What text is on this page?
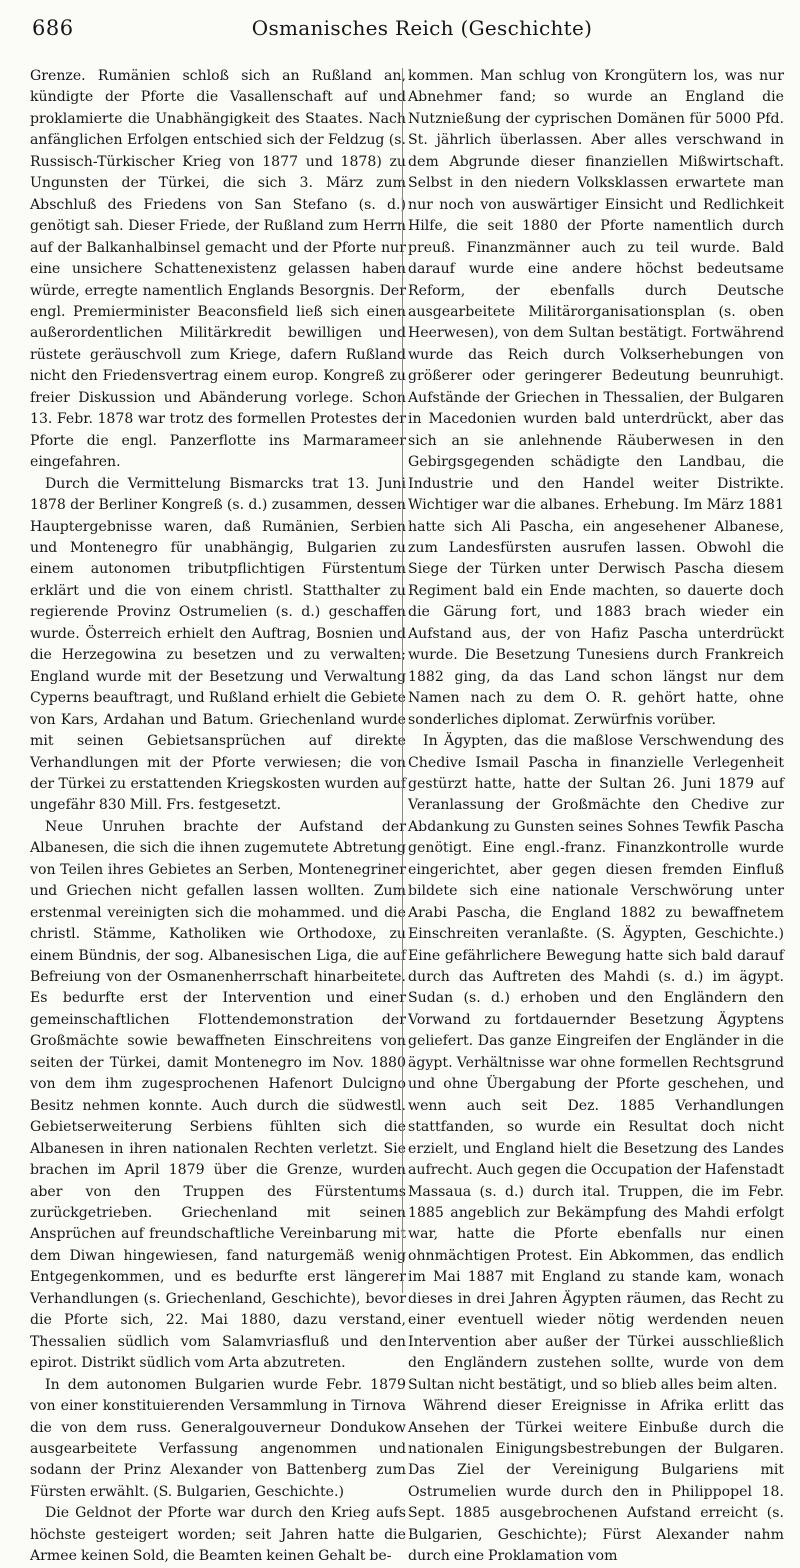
686	Osmanisches Reich (Geschichte)

Grenze. Rumänien schloß sich an Rußland an, kündigte der Pforte die Vasallenschaft auf und proklamierte die Unabhängigkeit des Staates. Nach anfänglichen Erfolgen entschied sich der Feldzug (s. Russisch-Türkischer Krieg von 1877 und 1878) zu Ungunsten der Türkei, die sich 3. März zum Abschluß des Friedens von San Stefano (s. d.) genötigt sah. Dieser Friede, der Rußland zum Herrn auf der Balkanhalbinsel gemacht und der Pforte nur eine unsichere Schattenexistenz gelassen haben würde, erregte namentlich Englands Besorgnis. Der engl. Premierminister Beaconsfield ließ sich einen außerordentlichen Militärkredit bewilligen und rüstete geräuschvoll zum Kriege, dafern Rußland nicht den Friedensvertrag einem europ. Kongreß zu freier Diskussion und Abänderung vorlege. Schon 13. Febr. 1878 war trotz des formellen Protestes der Pforte die engl. Panzerflotte ins Marmarameer eingefahren.

Durch die Vermittelung Bismarcks trat 13. Juni 1878 der Berliner Kongreß (s. d.) zusammen, dessen Hauptergebnisse waren, daß Rumänien, Serbien und Montenegro für unabhängig, Bulgarien zu einem autonomen tributpflichtigen Fürstentum erklärt und die von einem christl. Statthalter zu regierende Provinz Ostrumelien (s. d.) geschaffen wurde. Österreich erhielt den Auftrag, Bosnien und die Herzegowina zu besetzen und zu verwalten; England wurde mit der Besetzung und Verwaltung Cyperns beauftragt, und Rußland erhielt die Gebiete von Kars, Ardahan und Batum. Griechenland wurde mit seinen Gebietsansprüchen auf direkte Verhandlungen mit der Pforte verwiesen; die von der Türkei zu erstattenden Kriegskosten wurden auf ungefähr 830 Mill. Frs. festgesetzt.

Neue Unruhen brachte der Aufstand der Albanesen, die sich die ihnen zugemutete Abtretung von Teilen ihres Gebietes an Serben, Montenegriner und Griechen nicht gefallen lassen wollten. Zum erstenmal vereinigten sich die mohammed. und die christl. Stämme, Katholiken wie Orthodoxe, zu einem Bündnis, der sog. Albanesischen Liga, die auf Befreiung von der Osmanenherrschaft hinarbeitete. Es bedurfte erst der Intervention und einer gemeinschaftlichen Flottendemonstration der Großmächte sowie bewaffneten Einschreitens von seiten der Türkei, damit Montenegro im Nov. 1880 von dem ihm zugesprochenen Hafenort Dulcigno Besitz nehmen konnte. Auch durch die südwestl. Gebietserweiterung Serbiens fühlten sich die Albanesen in ihren nationalen Rechten verletzt. Sie brachen im April 1879 über die Grenze, wurden aber von den Truppen des Fürstentums zurückgetrieben. Griechenland mit seinen Ansprüchen auf freundschaftliche Vereinbarung mit dem Diwan hingewiesen, fand naturgemäß wenig Entgegenkommen, und es bedurfte erst längerer Verhandlungen (s. Griechenland, Geschichte), bevor die Pforte sich, 22. Mai 1880, dazu verstand, Thessalien südlich vom Salamvriasfluß und den epirot. Distrikt südlich vom Arta abzutreten.

In dem autonomen Bulgarien wurde Febr. 1879 von einer konstituierenden Versammlung in Tirnova die von dem russ. Generalgouverneur Dondukow ausgearbeitete Verfassung angenommen und sodann der Prinz Alexander von Battenberg zum Fürsten erwählt. (S. Bulgarien, Geschichte.)

Die Geldnot der Pforte war durch den Krieg aufs höchste gesteigert worden; seit Jahren hatte die Armee keinen Sold, die Beamten keinen Gehalt be-

kommen. Man schlug von Krongütern los, was nur Abnehmer fand; so wurde an England die Nutznießung der cyprischen Domänen für 5000 Pfd. St. jährlich überlassen. Aber alles verschwand in dem Abgrunde dieser finanziellen Mißwirtschaft. Selbst in den niedern Volksklassen erwartete man nur noch von auswärtiger Einsicht und Redlichkeit Hilfe, die seit 1880 der Pforte namentlich durch preuß. Finanzmänner auch zu teil wurde. Bald darauf wurde eine andere höchst bedeutsame Reform, der ebenfalls durch Deutsche ausgearbeitete Militärorganisationsplan (s. oben Heerwesen), von dem Sultan bestätigt. Fortwährend wurde das Reich durch Volkserhebungen von größerer oder geringerer Bedeutung beunruhigt. Aufstände der Griechen in Thessalien, der Bulgaren in Macedonien wurden bald unterdrückt, aber das sich an sie anlehnende Räuberwesen in den Gebirgsgegenden schädigte den Landbau, die Industrie und den Handel weiter Distrikte. Wichtiger war die albanes. Erhebung. Im März 1881 hatte sich Ali Pascha, ein angesehener Albanese, zum Landesfürsten ausrufen lassen. Obwohl die Siege der Türken unter Derwisch Pascha diesem Regiment bald ein Ende machten, so dauerte doch die Gärung fort, und 1883 brach wieder ein Aufstand aus, der von Hafiz Pascha unterdrückt wurde. Die Besetzung Tunesiens durch Frankreich 1882 ging, da das Land schon längst nur dem Namen nach zu dem O. R. gehört hatte, ohne sonderliches diplomat. Zerwürfnis vorüber.

In Ägypten, das die maßlose Verschwendung des Chedive Ismail Pascha in finanzielle Verlegenheit gestürzt hatte, hatte der Sultan 26. Juni 1879 auf Veranlassung der Großmächte den Chedive zur Abdankung zu Gunsten seines Sohnes Tewfik Pascha genötigt. Eine engl.-franz. Finanzkontrolle wurde eingerichtet, aber gegen diesen fremden Einfluß bildete sich eine nationale Verschwörung unter Arabi Pascha, die England 1882 zu bewaffnetem Einschreiten veranlaßte. (S. Ägypten, Geschichte.) Eine gefährlichere Bewegung hatte sich bald darauf durch das Auftreten des Mahdi (s. d.) im ägypt. Sudan (s. d.) erhoben und den Engländern den Vorwand zu fortdauernder Besetzung Ägyptens geliefert. Das ganze Eingreifen der Engländer in die ägypt. Verhältnisse war ohne formellen Rechtsgrund und ohne Übergabung der Pforte geschehen, und wenn auch seit Dez. 1885 Verhandlungen stattfanden, so wurde ein Resultat doch nicht erzielt, und England hielt die Besetzung des Landes aufrecht. Auch gegen die Occupation der Hafenstadt Massaua (s. d.) durch ital. Truppen, die im Febr. 1885 angeblich zur Bekämpfung des Mahdi erfolgt war, hatte die Pforte ebenfalls nur einen ohnmächtigen Protest. Ein Abkommen, das endlich im Mai 1887 mit England zu stande kam, wonach dieses in drei Jahren Ägypten räumen, das Recht zu einer eventuell wieder nötig werdenden neuen Intervention aber außer der Türkei ausschließlich den Engländern zustehen sollte, wurde von dem Sultan nicht bestätigt, und so blieb alles beim alten.

Während dieser Ereignisse in Afrika erlitt das Ansehen der Türkei weitere Einbuße durch die nationalen Einigungsbestrebungen der Bulgaren. Das Ziel der Vereinigung Bulgariens mit Ostrumelien wurde durch den in Philippopel 18. Sept. 1885 ausgebrochenen Aufstand erreicht (s. Bulgarien, Geschichte); Fürst Alexander nahm durch eine Proklamation vom
